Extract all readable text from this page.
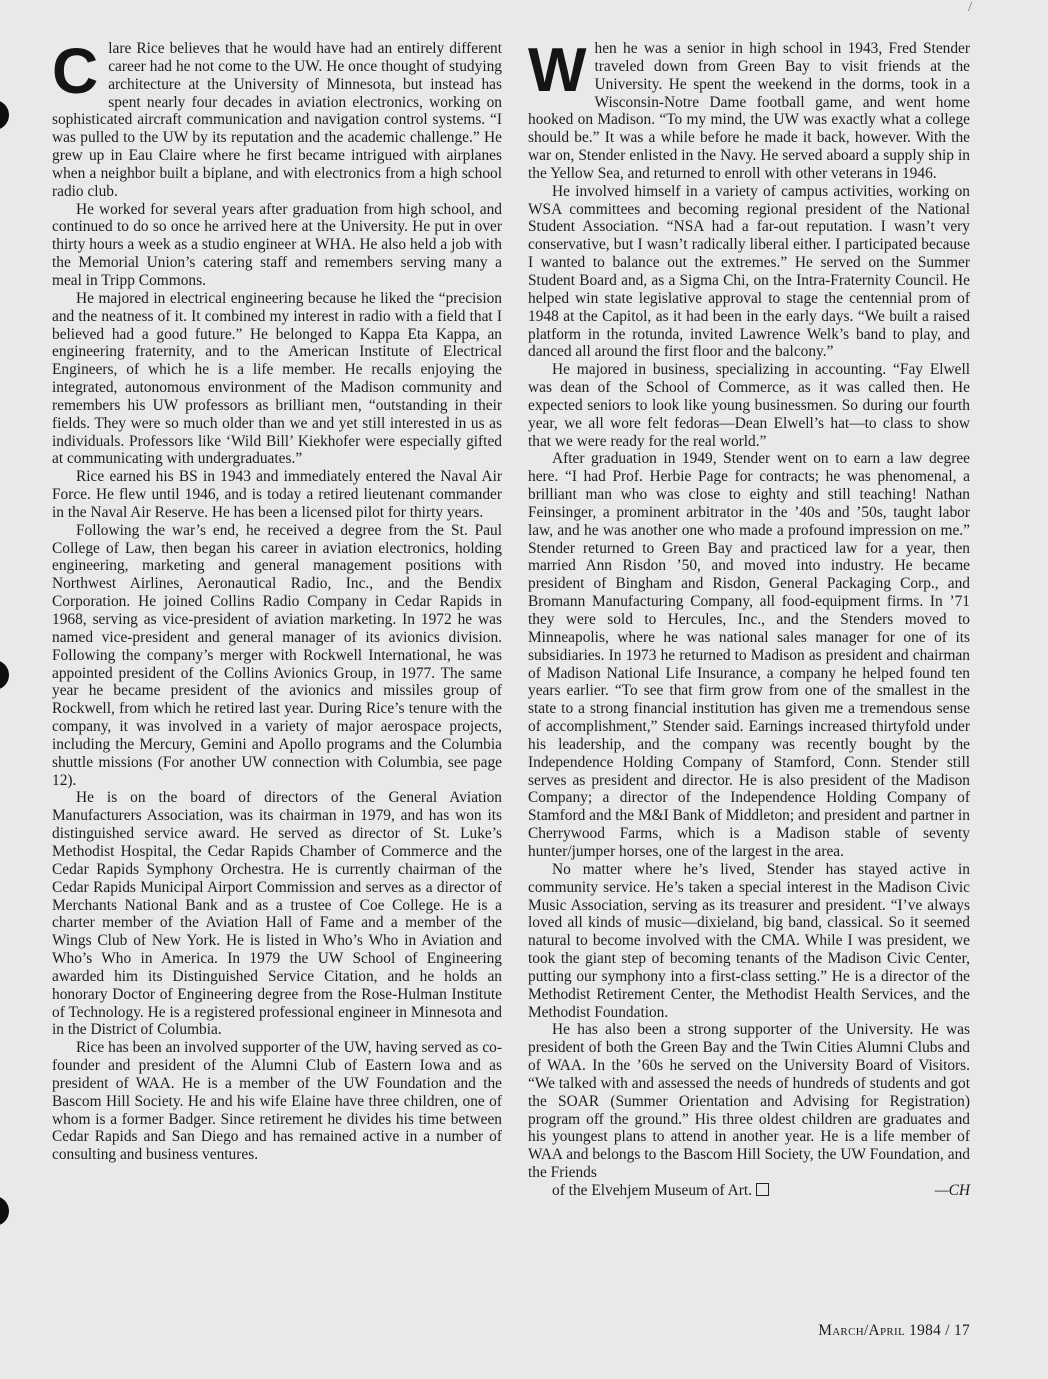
/

Clare Rice believes that he would have had an entirely different career had he not come to the UW. He once thought of studying architecture at the University of Minnesota, but instead has spent nearly four decades in aviation electronics, working on sophisticated aircraft communication and navigation control systems. “I was pulled to the UW by its reputation and the academic challenge.” He grew up in Eau Claire where he first became intrigued with airplanes when a neighbor built a biplane, and with electronics from a high school radio club.

He worked for several years after graduation from high school, and continued to do so once he arrived here at the University. He put in over thirty hours a week as a studio engineer at WHA. He also held a job with the Memorial Union’s catering staff and remembers serving many a meal in Tripp Commons.

He majored in electrical engineering because he liked the “precision and the neatness of it. It combined my interest in radio with a field that I believed had a good future.” He belonged to Kappa Eta Kappa, an engineering fraternity, and to the American Institute of Electrical Engineers, of which he is a life member. He recalls enjoying the integrated, autonomous environment of the Madison community and remembers his UW professors as brilliant men, “outstanding in their fields. They were so much older than we and yet still interested in us as individuals. Professors like ‘Wild Bill’ Kiekhofer were especially gifted at communicating with undergraduates.”

Rice earned his BS in 1943 and immediately entered the Naval Air Force. He flew until 1946, and is today a retired lieutenant commander in the Naval Air Reserve. He has been a licensed pilot for thirty years.

Following the war’s end, he received a degree from the St. Paul College of Law, then began his career in aviation electronics, holding engineering, marketing and general management positions with Northwest Airlines, Aeronautical Radio, Inc., and the Bendix Corporation. He joined Collins Radio Company in Cedar Rapids in 1968, serving as vice-president of aviation marketing. In 1972 he was named vice-president and general manager of its avionics division. Following the company’s merger with Rockwell International, he was appointed president of the Collins Avionics Group, in 1977. The same year he became president of the avionics and missiles group of Rockwell, from which he retired last year. During Rice’s tenure with the company, it was involved in a variety of major aerospace projects, including the Mercury, Gemini and Apollo programs and the Columbia shuttle missions (For another UW connection with Columbia, see page 12).

He is on the board of directors of the General Aviation Manufacturers Association, was its chairman in 1979, and has won its distinguished service award. He served as director of St. Luke’s Methodist Hospital, the Cedar Rapids Chamber of Commerce and the Cedar Rapids Symphony Orchestra. He is currently chairman of the Cedar Rapids Municipal Airport Commission and serves as a director of Merchants National Bank and as a trustee of Coe College. He is a charter member of the Aviation Hall of Fame and a member of the Wings Club of New York. He is listed in Who’s Who in Aviation and Who’s Who in America. In 1979 the UW School of Engineering awarded him its Distinguished Service Citation, and he holds an honorary Doctor of Engineering degree from the Rose-Hulman Institute of Technology. He is a registered professional engineer in Minnesota and in the District of Columbia.

Rice has been an involved supporter of the UW, having served as co-founder and president of the Alumni Club of Eastern Iowa and as president of WAA. He is a member of the UW Foundation and the Bascom Hill Society. He and his wife Elaine have three children, one of whom is a former Badger. Since retirement he divides his time between Cedar Rapids and San Diego and has remained active in a number of consulting and business ventures.

When he was a senior in high school in 1943, Fred Stender traveled down from Green Bay to visit friends at the University. He spent the weekend in the dorms, took in a Wisconsin-Notre Dame football game, and went home hooked on Madison. “To my mind, the UW was exactly what a college should be.” It was a while before he made it back, however. With the war on, Stender enlisted in the Navy. He served aboard a supply ship in the Yellow Sea, and returned to enroll with other veterans in 1946.

He involved himself in a variety of campus activities, working on WSA committees and becoming regional president of the National Student Association. “NSA had a far-out reputation. I wasn’t very conservative, but I wasn’t radically liberal either. I participated because I wanted to balance out the extremes.” He served on the Summer Student Board and, as a Sigma Chi, on the Intra-Fraternity Council. He helped win state legislative approval to stage the centennial prom of 1948 at the Capitol, as it had been in the early days. “We built a raised platform in the rotunda, invited Lawrence Welk’s band to play, and danced all around the first floor and the balcony.”

He majored in business, specializing in accounting. “Fay Elwell was dean of the School of Commerce, as it was called then. He expected seniors to look like young businessmen. So during our fourth year, we all wore felt fedoras—Dean Elwell’s hat—to class to show that we were ready for the real world.”

After graduation in 1949, Stender went on to earn a law degree here. “I had Prof. Herbie Page for contracts; he was phenomenal, a brilliant man who was close to eighty and still teaching! Nathan Feinsinger, a prominent arbitrator in the ’40s and ’50s, taught labor law, and he was another one who made a profound impression on me.” Stender returned to Green Bay and practiced law for a year, then married Ann Risdon ’50, and moved into industry. He became president of Bingham and Risdon, General Packaging Corp., and Bromann Manufacturing Company, all food-equipment firms. In ’71 they were sold to Hercules, Inc., and the Stenders moved to Minneapolis, where he was national sales manager for one of its subsidiaries. In 1973 he returned to Madison as president and chairman of Madison National Life Insurance, a company he helped found ten years earlier. “To see that firm grow from one of the smallest in the state to a strong financial institution has given me a tremendous sense of accomplishment,” Stender said. Earnings increased thirtyfold under his leadership, and the company was recently bought by the Independence Holding Company of Stamford, Conn. Stender still serves as president and director. He is also president of the Madison Company; a director of the Independence Holding Company of Stamford and the M&I Bank of Middleton; and president and partner in Cherrywood Farms, which is a Madison stable of seventy hunter/jumper horses, one of the largest in the area.

No matter where he’s lived, Stender has stayed active in community service. He’s taken a special interest in the Madison Civic Music Association, serving as its treasurer and president. “I’ve always loved all kinds of music—dixieland, big band, classical. So it seemed natural to become involved with the CMA. While I was president, we took the giant step of becoming tenants of the Madison Civic Center, putting our symphony into a first-class setting.” He is a director of the Methodist Retirement Center, the Methodist Health Services, and the Methodist Foundation.

He has also been a strong supporter of the University. He was president of both the Green Bay and the Twin Cities Alumni Clubs and of WAA. In the ’60s he served on the University Board of Visitors. “We talked with and assessed the needs of hundreds of students and got the SOAR (Summer Orientation and Advising for Registration) program off the ground.” His three oldest children are graduates and his youngest plans to attend in another year. He is a life member of WAA and belongs to the Bascom Hill Society, the UW Foundation, and the Friends

of the Elvehjem Museum of Art.	—CH

March/April 1984 / 17
